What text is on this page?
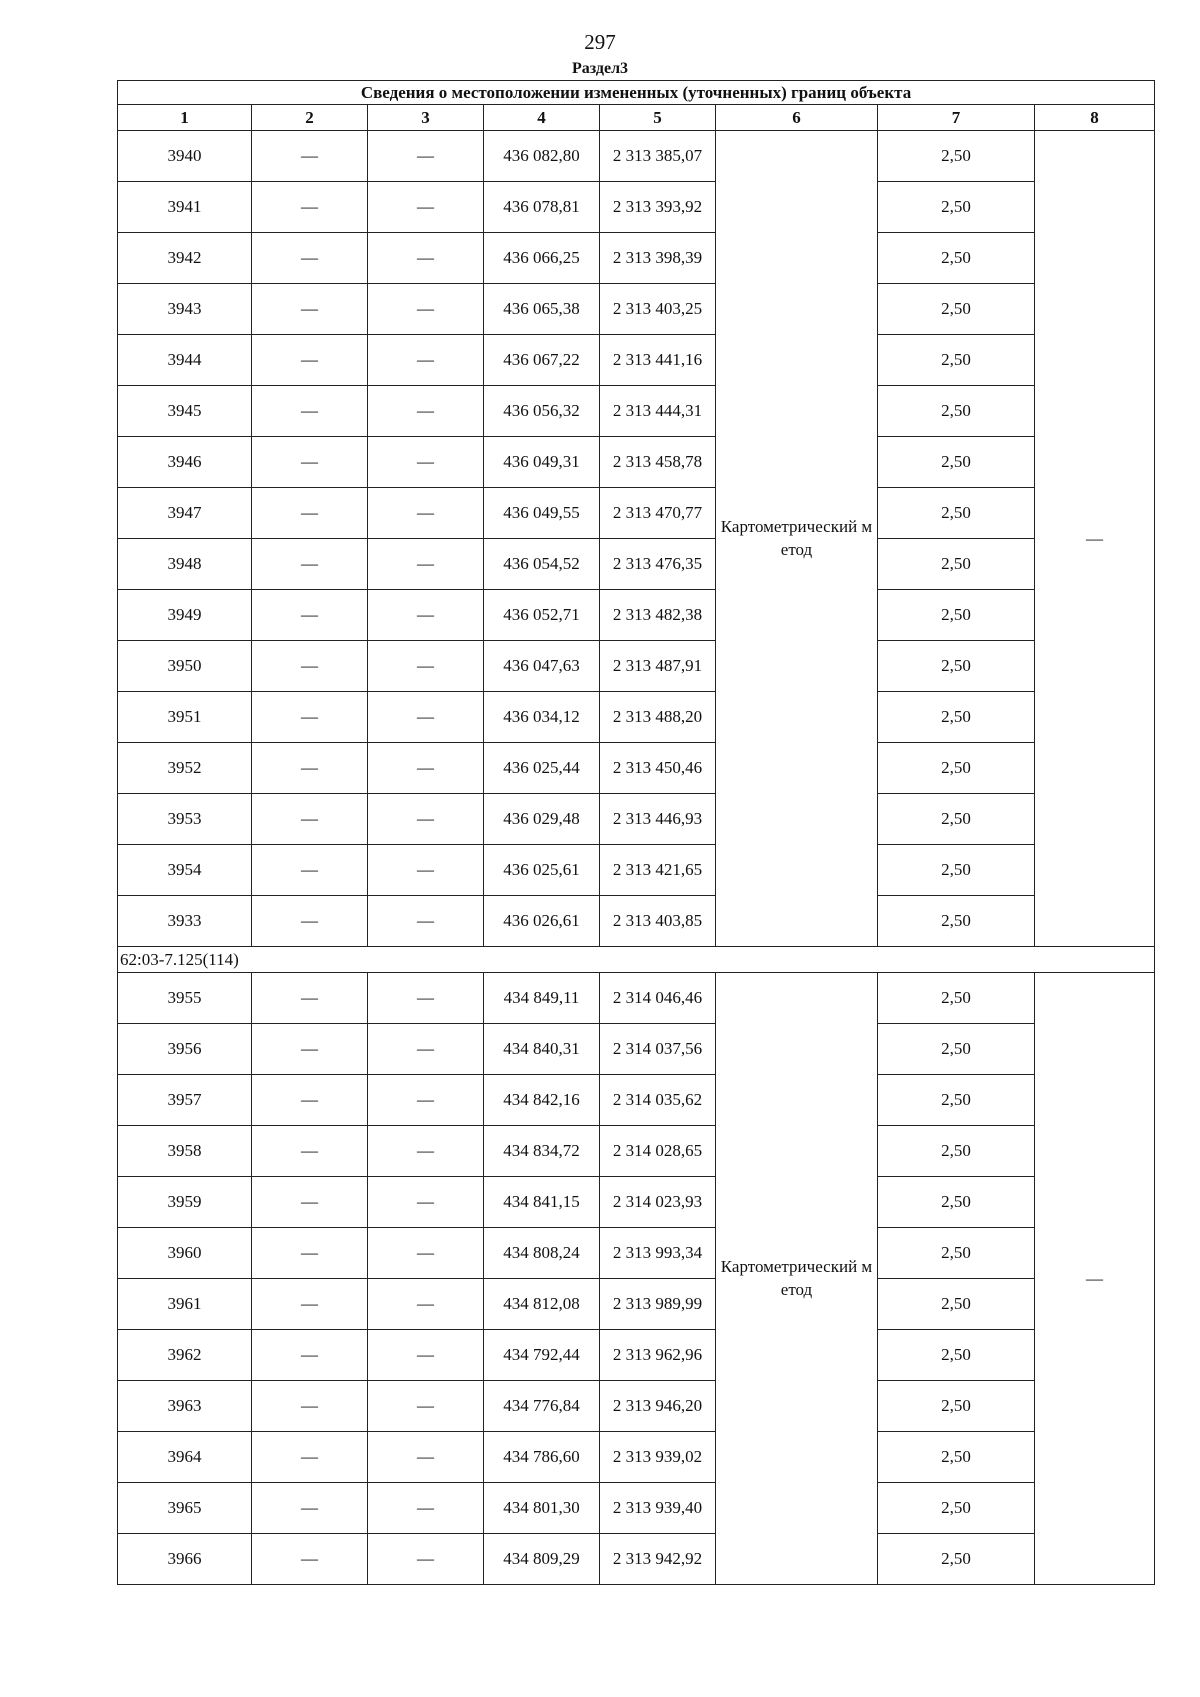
297
Раздел3
Сведения о местоположении измененных (уточненных) границ объекта							
1	2	3	4	5	6	7	8
3940	—	—	436 082,80	2 313 385,07	Картометрический метод	2,50	—
3941	—	—	436 078,81	2 313 393,92		2,50	
3942	—	—	436 066,25	2 313 398,39		2,50	
3943	—	—	436 065,38	2 313 403,25		2,50	
3944	—	—	436 067,22	2 313 441,16		2,50	
3945	—	—	436 056,32	2 313 444,31		2,50	
3946	—	—	436 049,31	2 313 458,78		2,50	
3947	—	—	436 049,55	2 313 470,77		2,50	
3948	—	—	436 054,52	2 313 476,35		2,50	
3949	—	—	436 052,71	2 313 482,38		2,50	
3950	—	—	436 047,63	2 313 487,91		2,50	
3951	—	—	436 034,12	2 313 488,20		2,50	
3952	—	—	436 025,44	2 313 450,46		2,50	
3953	—	—	436 029,48	2 313 446,93		2,50	
3954	—	—	436 025,61	2 313 421,65		2,50	
3933	—	—	436 026,61	2 313 403,85		2,50	
62:03-7.125(114)							
3955	—	—	434 849,11	2 314 046,46	Картометрический метод	2,50	—
3956	—	—	434 840,31	2 314 037,56		2,50	
3957	—	—	434 842,16	2 314 035,62		2,50	
3958	—	—	434 834,72	2 314 028,65		2,50	
3959	—	—	434 841,15	2 314 023,93		2,50	
3960	—	—	434 808,24	2 313 993,34		2,50	
3961	—	—	434 812,08	2 313 989,99		2,50	
3962	—	—	434 792,44	2 313 962,96		2,50	
3963	—	—	434 776,84	2 313 946,20		2,50	
3964	—	—	434 786,60	2 313 939,02		2,50	
3965	—	—	434 801,30	2 313 939,40		2,50	
3966	—	—	434 809,29	2 313 942,92		2,50	
